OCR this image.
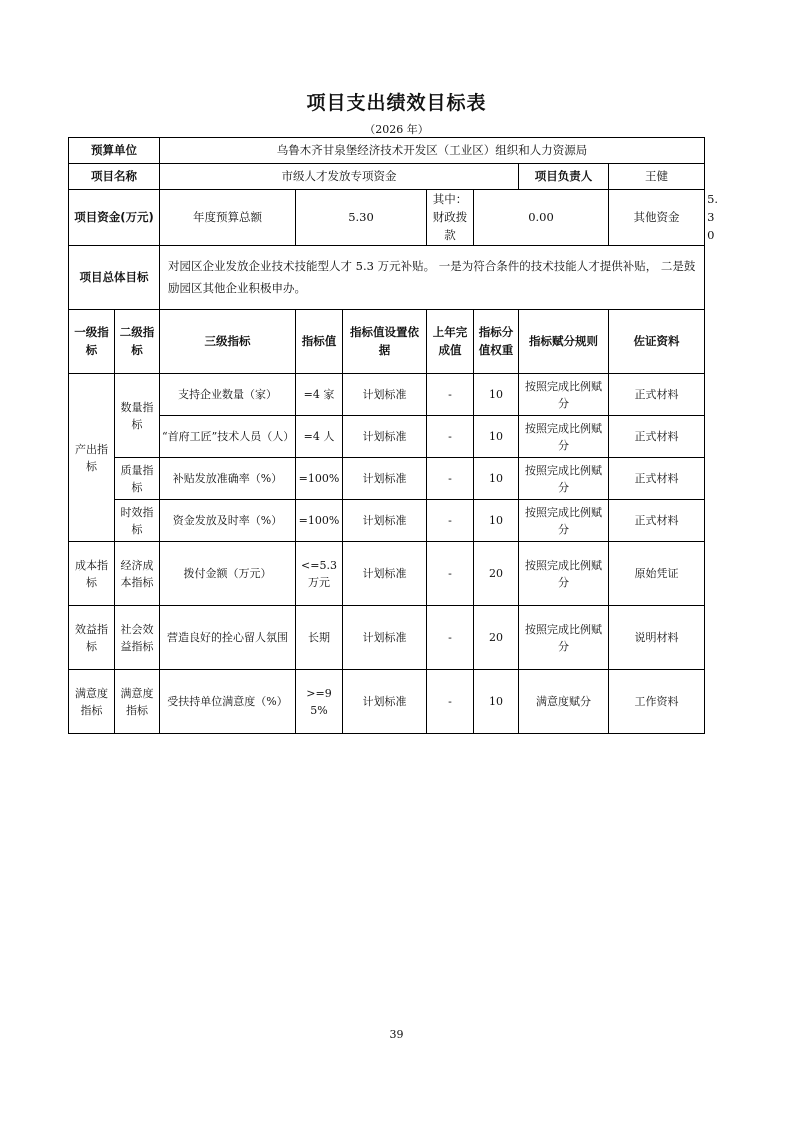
项目支出绩效目标表
（2026 年）
预算单位		乌鲁木齐甘泉堡经济技术开发区（工业区）组织和人力资源局							
项目名称		市级人才发放专项资金					项目负责人	王健	
项目资金(万元)		年度预算总额	5.30		其中：财政拨款	0.00		其他资金	5.30
项目总体目标		对园区企业发放企业技术技能型人才 5.3 万元补贴。 一是为符合条件的技术技能人才提供补贴， 二是鼓励园区其他企业积极申办。							
一级指标	二级指标	三级指标	指标值	指标值设置依据	上年完成值	指标分值权重	指标赋分规则	佐证资料	
产出指标	数量指标	支持企业数量（家）	=4 家	计划标准	-	10	按照完成比例赋分	正式材料	
		“首府工匠”技术人员（人）	=4 人	计划标准	-	10	按照完成比例赋分	正式材料	
	质量指标	补贴发放准确率（%）	=100%	计划标准	-	10	按照完成比例赋分	正式材料	
	时效指标	资金发放及时率（%）	=100%	计划标准	-	10	按照完成比例赋分	正式材料	
成本指标	经济成本指标	拨付金额（万元）	<=5.3 万元	计划标准	-	20	按照完成比例赋分	原始凭证	
效益指标	社会效益指标	营造良好的拴心留人氛围	长期	计划标准	-	20	按照完成比例赋分	说明材料	
满意度指标	满意度指标	受扶持单位满意度（%）	>=95%	计划标准	-	10	满意度赋分	工作资料	
39
